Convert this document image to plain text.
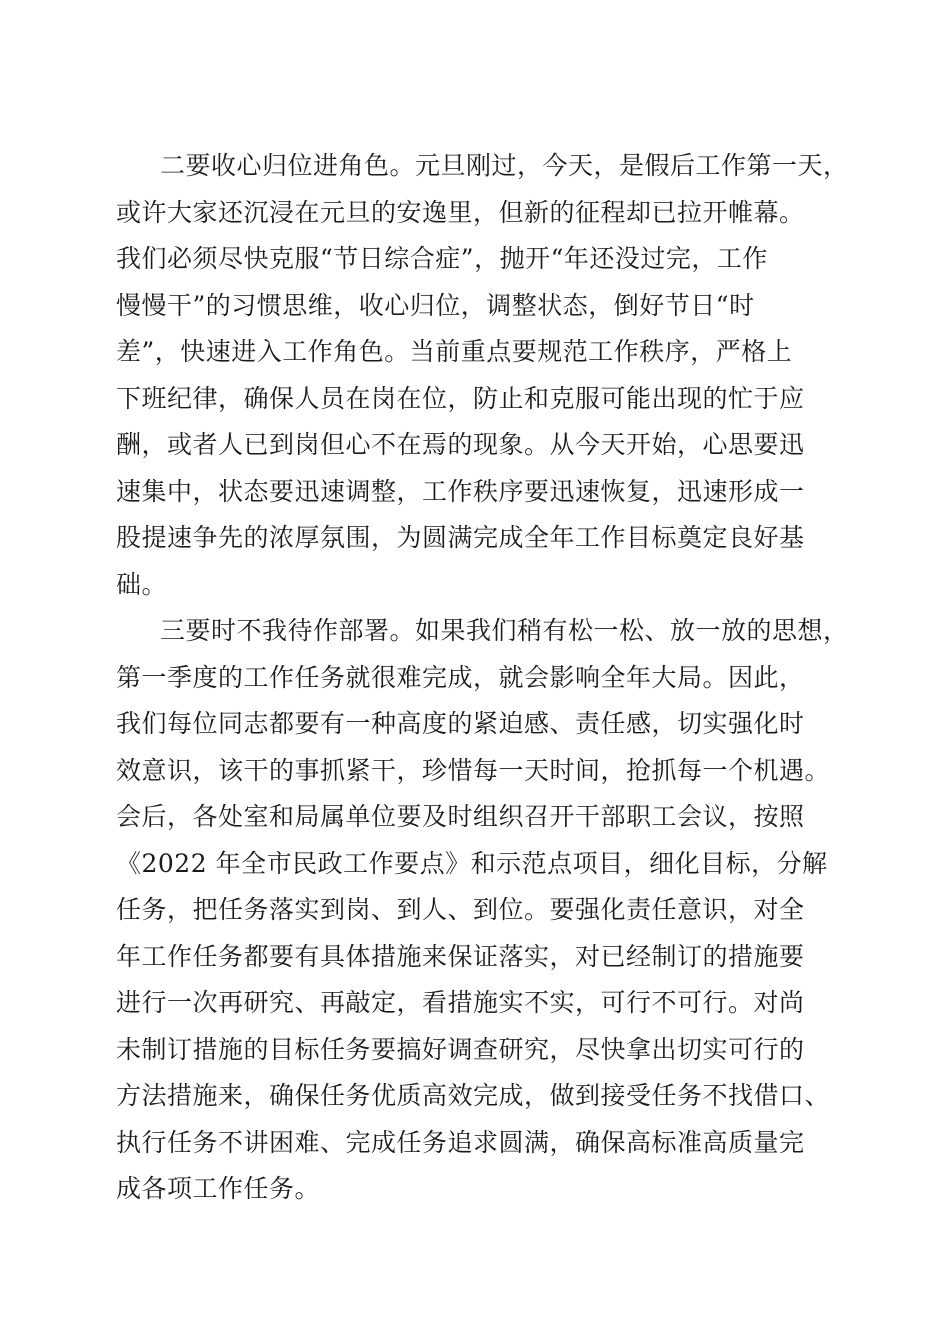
二要收心归位进角色。元旦刚过，今天，是假后工作第一天，
或许大家还沉浸在元旦的安逸里，但新的征程却已拉开帷幕。
我们必须尽快克服“节日综合症”，抛开“年还没过完，工作
慢慢干”的习惯思维，收心归位，调整状态，倒好节日“时
差”，快速进入工作角色。当前重点要规范工作秩序，严格上
下班纪律，确保人员在岗在位，防止和克服可能出现的忙于应
酬，或者人已到岗但心不在焉的现象。从今天开始，心思要迅
速集中，状态要迅速调整，工作秩序要迅速恢复，迅速形成一
股提速争先的浓厚氛围，为圆满完成全年工作目标奠定良好基
础。
三要时不我待作部署。如果我们稍有松一松、放一放的思想，
第一季度的工作任务就很难完成，就会影响全年大局。因此，
我们每位同志都要有一种高度的紧迫感、责任感，切实强化时
效意识，该干的事抓紧干，珍惜每一天时间，抢抓每一个机遇。
会后，各处室和局属单位要及时组织召开干部职工会议，按照
《2022 年全市民政工作要点》和示范点项目，细化目标，分解
任务，把任务落实到岗、到人、到位。要强化责任意识，对全
年工作任务都要有具体措施来保证落实，对已经制订的措施要
进行一次再研究、再敲定，看措施实不实，可行不可行。对尚
未制订措施的目标任务要搞好调查研究，尽快拿出切实可行的
方法措施来，确保任务优质高效完成，做到接受任务不找借口、
执行任务不讲困难、完成任务追求圆满，确保高标准高质量完
成各项工作任务。
